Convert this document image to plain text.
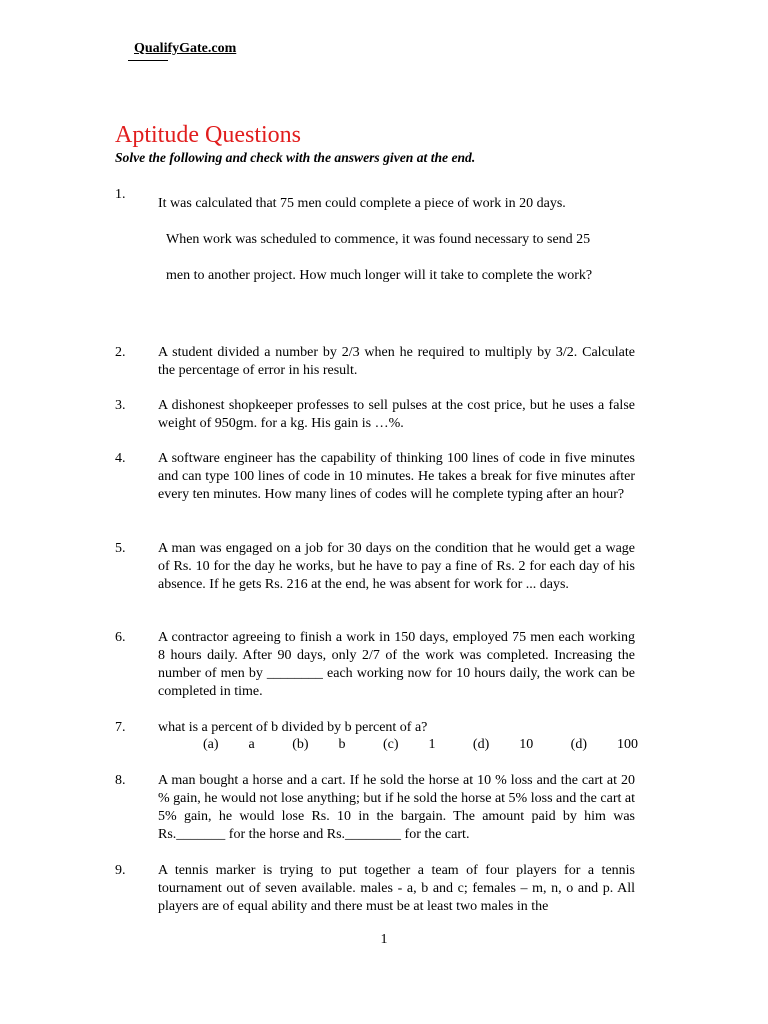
QualifyGate.com
Aptitude Questions

Solve the following and check with the answers given at the end.

1.
It was calculated that 75 men could complete a piece of work in 20 days.
When work was scheduled to commence, it was found necessary to send 25
men to another project. How much longer will it take to complete the work?
2. A student divided a number by 2/3 when he required to multiply by 3/2. Calculate the percentage of error in his result.
3. A dishonest shopkeeper professes to sell pulses at the cost price, but he uses a false weight of 950gm. for a kg. His gain is …%.
4. A software engineer has the capability of thinking 100 lines of code in five minutes and can type 100 lines of code in 10 minutes. He takes a break for five minutes after every ten minutes. How many lines of codes will he complete typing after an hour?
5. A man was engaged on a job for 30 days on the condition that he would get a wage of Rs. 10 for the day he works, but he have to pay a fine of Rs. 2 for each day of his absence. If he gets Rs. 216 at the end, he was absent for work for ... days.
6. A contractor agreeing to finish a work in 150 days, employed 75 men each working 8 hours daily. After 90 days, only 2/7 of the work was completed. Increasing the number of men by ________ each working now for 10 hours daily, the work can be completed in time.
7. what is a percent of b divided by b percent of a?
(a) a	(b) b	(c) 1	(d) 10	(d) 100
8. A man bought a horse and a cart. If he sold the horse at 10 % loss and the cart at 20 % gain, he would not lose anything; but if he sold the horse at 5% loss and the cart at 5% gain, he would lose Rs. 10 in the bargain. The amount paid by him was Rs._______ for the horse and Rs.________ for the cart.
9. A tennis marker is trying to put together a team of four players for a tennis tournament out of seven available. males - a, b and c; females – m, n, o and p. All players are of equal ability and there must be at least two males in the
1
